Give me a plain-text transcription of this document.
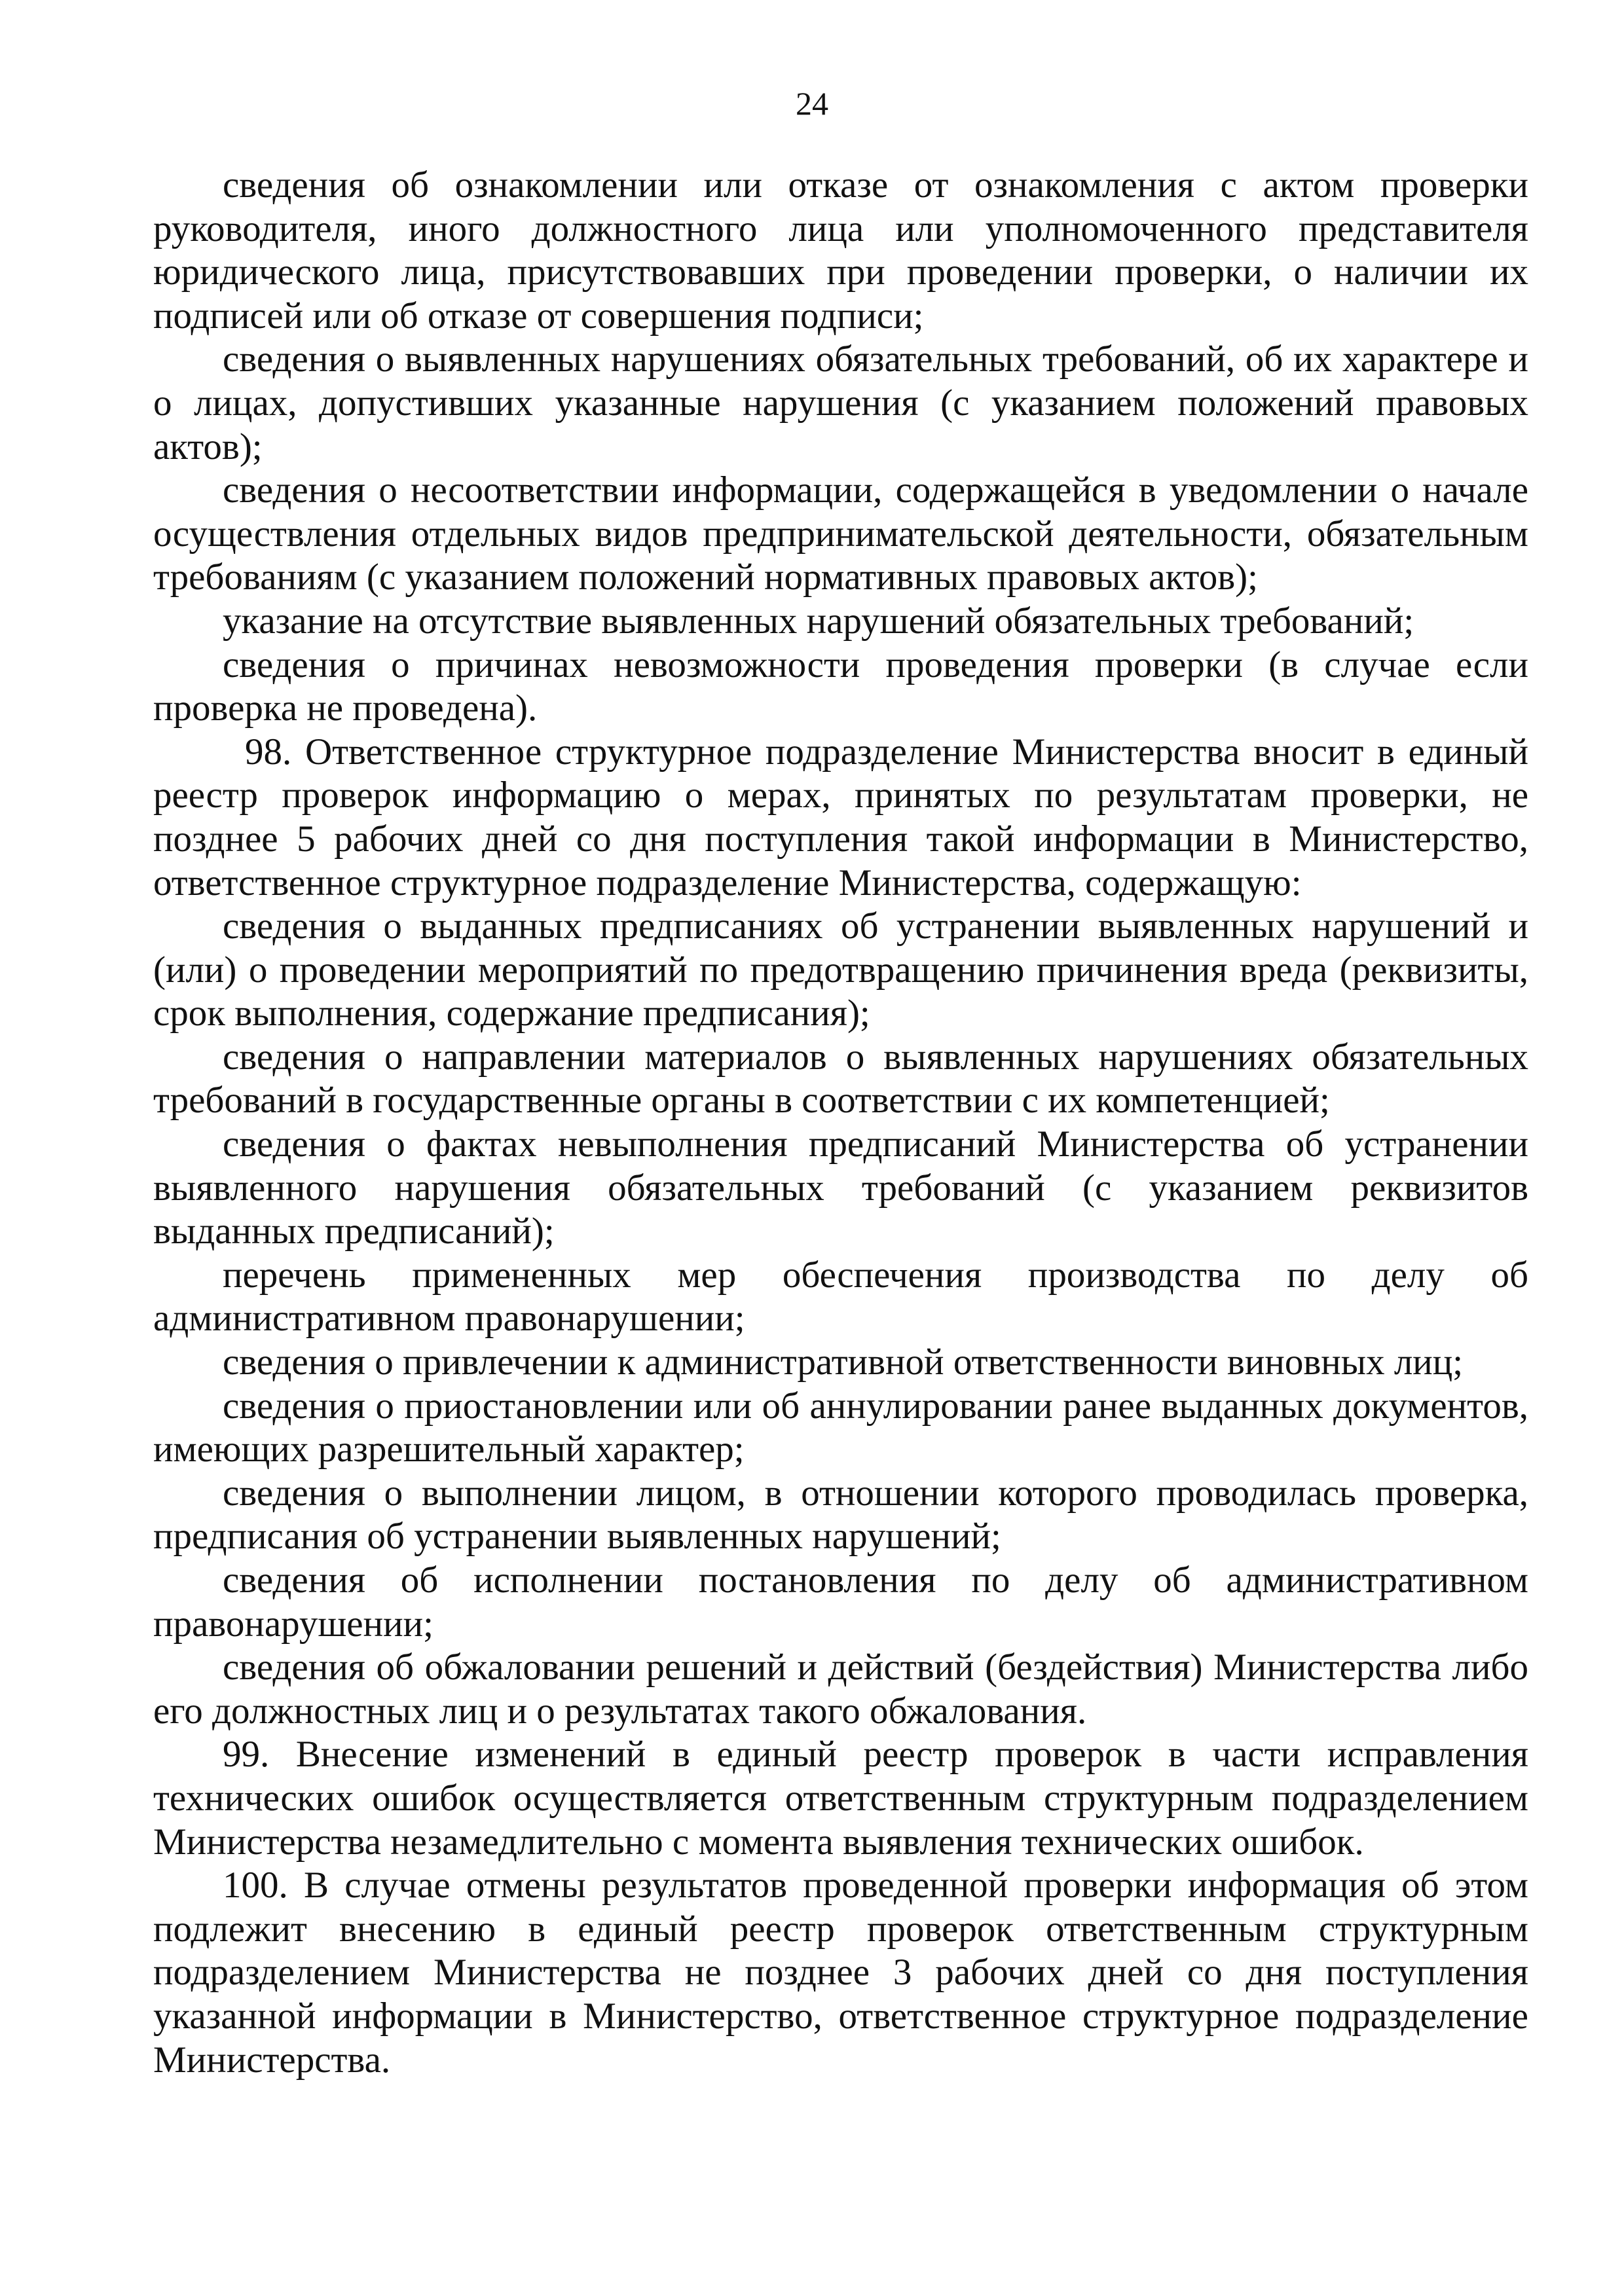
24

сведения об ознакомлении или отказе от ознакомления с актом проверки руководителя, иного должностного лица или уполномоченного представителя юридического лица, присутствовавших при проведении проверки, о наличии их подписей или об отказе от совершения подписи;

сведения о выявленных нарушениях обязательных требований, об их характере и о лицах, допустивших указанные нарушения (с указанием положений правовых актов);

сведения о несоответствии информации, содержащейся в уведомлении о начале осуществления отдельных видов предпринимательской деятельности, обязательным требованиям (с указанием положений нормативных правовых актов);

указание на отсутствие выявленных нарушений обязательных требований;

сведения о причинах невозможности проведения проверки (в случае если проверка не проведена).

98. Ответственное структурное подразделение Министерства вносит в единый реестр проверок информацию о мерах, принятых по результатам проверки, не позднее 5 рабочих дней со дня поступления такой информации в Министерство, ответственное структурное подразделение Министерства, содержащую:

сведения о выданных предписаниях об устранении выявленных нарушений и (или) о проведении мероприятий по предотвращению причинения вреда (реквизиты, срок выполнения, содержание предписания);

сведения о направлении материалов о выявленных нарушениях обязательных требований в государственные органы в соответствии с их компетенцией;

сведения о фактах невыполнения предписаний Министерства об устранении выявленного нарушения обязательных требований (с указанием реквизитов выданных предписаний);

перечень примененных мер обеспечения производства по делу об административном правонарушении;

сведения о привлечении к административной ответственности виновных лиц;

сведения о приостановлении или об аннулировании ранее выданных документов, имеющих разрешительный характер;

сведения о выполнении лицом, в отношении которого проводилась проверка, предписания об устранении выявленных нарушений;

сведения об исполнении постановления по делу об административном правонарушении;

сведения об обжаловании решений и действий (бездействия) Министерства либо его должностных лиц и о результатах такого обжалования.

99. Внесение изменений в единый реестр проверок в части исправления технических ошибок осуществляется ответственным структурным подразделением Министерства незамедлительно с момента выявления технических ошибок.

100. В случае отмены результатов проведенной проверки информация об этом подлежит внесению в единый реестр проверок ответственным структурным подразделением Министерства не позднее 3 рабочих дней со дня поступления указанной информации в Министерство, ответственное структурное подразделение Министерства.
